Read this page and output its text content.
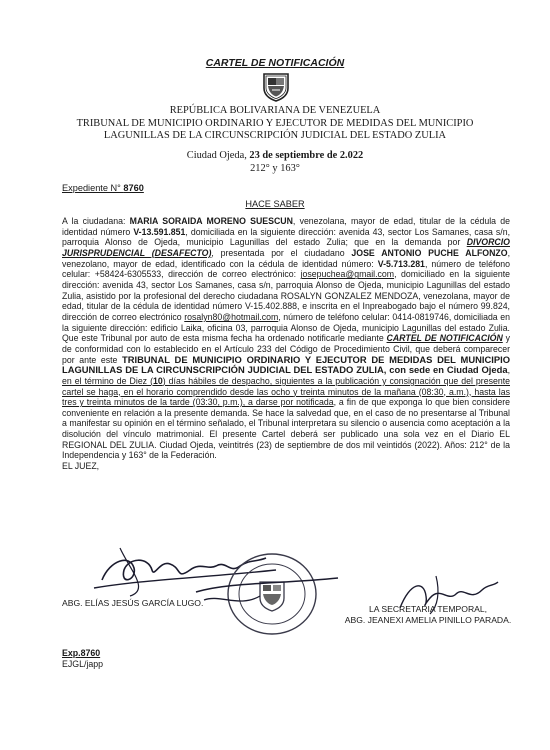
CARTEL DE NOTIFICACIÓN
REPÚBLICA BOLIVARIANA DE VENEZUELA
TRIBUNAL DE MUNICIPIO ORDINARIO Y EJECUTOR DE MEDIDAS DEL MUNICIPIO
LAGUNILLAS DE LA CIRCUNSCRIPCIÓN JUDICIAL DEL ESTADO ZULIA
Ciudad Ojeda, 23 de septiembre de 2.022
212° y 163°
Expediente N° 8760
HACE SABER

A la ciudadana: MARIA SORAIDA MORENO SUESCUN, venezolana, mayor de edad, titular de la cédula de identidad número V-13.591.851, domiciliada en la siguiente dirección: avenida 43, sector Los Samanes, casa s/n, parroquia Alonso de Ojeda, municipio Lagunillas del estado Zulia; que en la demanda por DIVORCIO JURISPRUDENCIAL (DESAFECTO), presentada por el ciudadano JOSE ANTONIO PUCHE ALFONZO, venezolano, mayor de edad, identificado con la cédula de identidad número: V-5.713.281, número de teléfono celular: +58424-6305533, dirección de correo electrónico: josepuchea@gmail.com, domiciliado en la siguiente dirección: avenida 43, sector Los Samanes, casa s/n, parroquia Alonso de Ojeda, municipio Lagunillas del estado Zulia, asistido por la profesional del derecho ciudadana ROSALYN GONZALEZ MENDOZA, venezolana, mayor de edad, titular de la cédula de identidad número V-15.402.888, e inscrita en el Inpreabogado bajo el número 99.824, dirección de correo electrónico rosalyn80@hotmail.com, número de teléfono celular: 0414-0819746, domiciliada en la siguiente dirección: edificio Laika, oficina 03, parroquia Alonso de Ojeda, municipio Lagunillas del estado Zulia. Que este Tribunal por auto de esta misma fecha ha ordenado notificarle mediante CARTEL DE NOTIFICACIÓN y de conformidad con lo establecido en el Artículo 233 del Código de Procedimiento Civil, que deberá comparecer por ante este TRIBUNAL DE MUNICIPIO ORDINARIO Y EJECUTOR DE MEDIDAS DEL MUNICIPIO LAGUNILLAS DE LA CIRCUNSCRIPCIÓN JUDICIAL DEL ESTADO ZULIA, con sede en Ciudad Ojeda, en el término de Diez (10) días hábiles de despacho, siguientes a la publicación y consignación que del presente cartel se haga, en el horario comprendido desde las ocho y treinta minutos de la mañana (08:30, a.m.), hasta las tres y treinta minutos de la tarde (03:30, p.m.), a darse por notificada, a fin de que exponga lo que bien considere conveniente en relación a la presente demanda. Se hace la salvedad que, en el caso de no presentarse al Tribunal a manifestar su opinión en el término señalado, el Tribunal interpretara su silencio o ausencia como aceptación a la disolución del vínculo matrimonial. El presente Cartel deberá ser publicado una sola vez en el Diario EL REGIONAL DEL ZULIA. Ciudad Ojeda, veintitrés (23) de septiembre de dos mil veintidós (2022). Años: 212° de la Independencia y 163° de la Federación.

EL JUEZ,

ABG. ELÍAS JESÚS GARCÍA LUGO.
LA SECRETARIA TEMPORAL,
ABG. JEANEXI AMELIA PINILLO PARADA.
Exp.8760
EJGL/japp
